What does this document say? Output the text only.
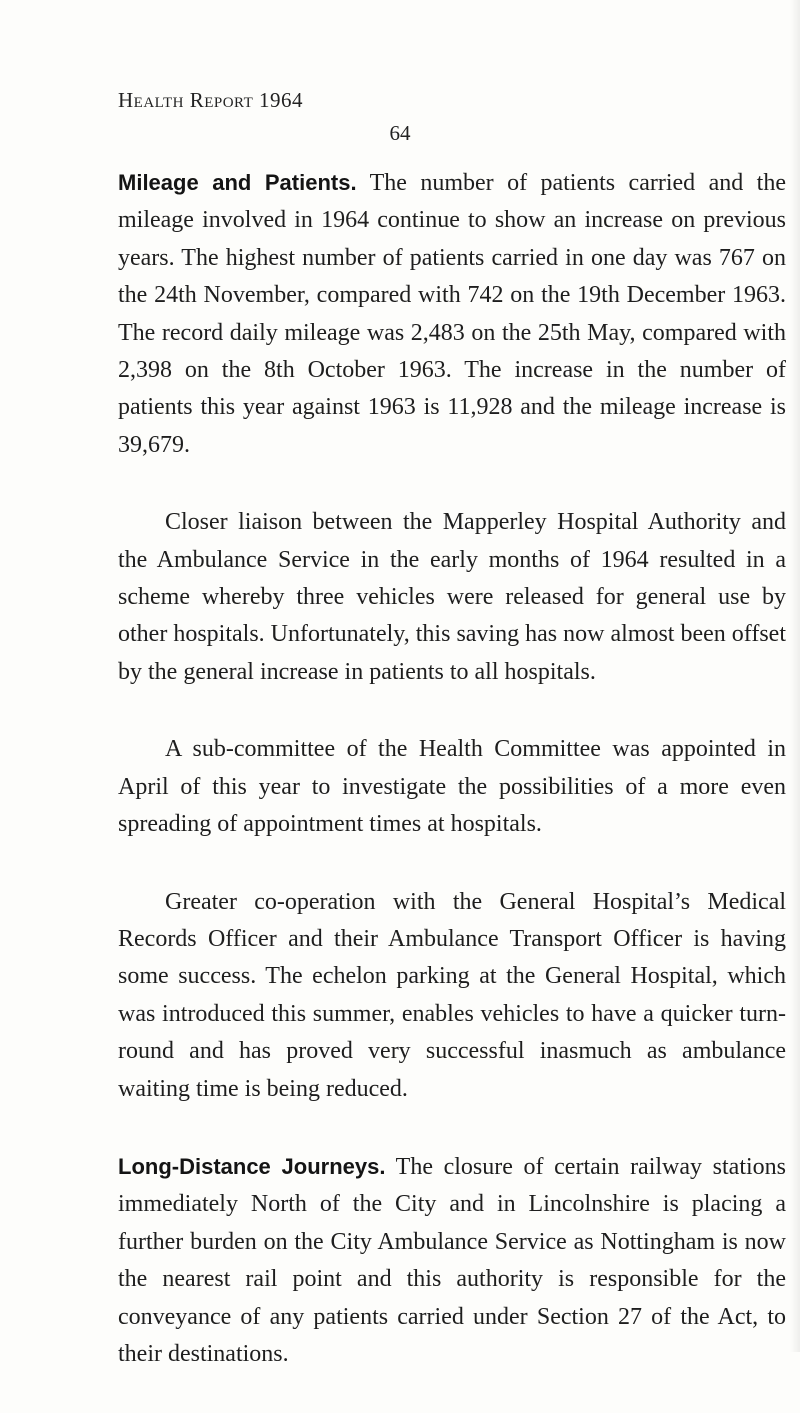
Health Report 1964
64

Mileage and Patients. The number of patients carried and the mileage involved in 1964 continue to show an increase on previous years. The highest number of patients carried in one day was 767 on the 24th November, compared with 742 on the 19th December 1963. The record daily mileage was 2,483 on the 25th May, compared with 2,398 on the 8th October 1963. The increase in the number of patients this year against 1963 is 11,928 and the mileage increase is 39,679.

Closer liaison between the Mapperley Hospital Authority and the Ambulance Service in the early months of 1964 resulted in a scheme whereby three vehicles were released for general use by other hospitals. Unfortunately, this saving has now almost been offset by the general increase in patients to all hospitals.

A sub-committee of the Health Committee was appointed in April of this year to investigate the possibilities of a more even spreading of appointment times at hospitals.

Greater co-operation with the General Hospital’s Medical Records Officer and their Ambulance Transport Officer is having some success. The echelon parking at the General Hospital, which was introduced this summer, enables vehicles to have a quicker turn-round and has proved very successful inasmuch as ambulance waiting time is being reduced.

Long-Distance Journeys. The closure of certain railway stations immediately North of the City and in Lincolnshire is placing a further burden on the City Ambulance Service as Nottingham is now the nearest rail point and this authority is responsible for the conveyance of any patients carried under Section 27 of the Act, to their destinations.
